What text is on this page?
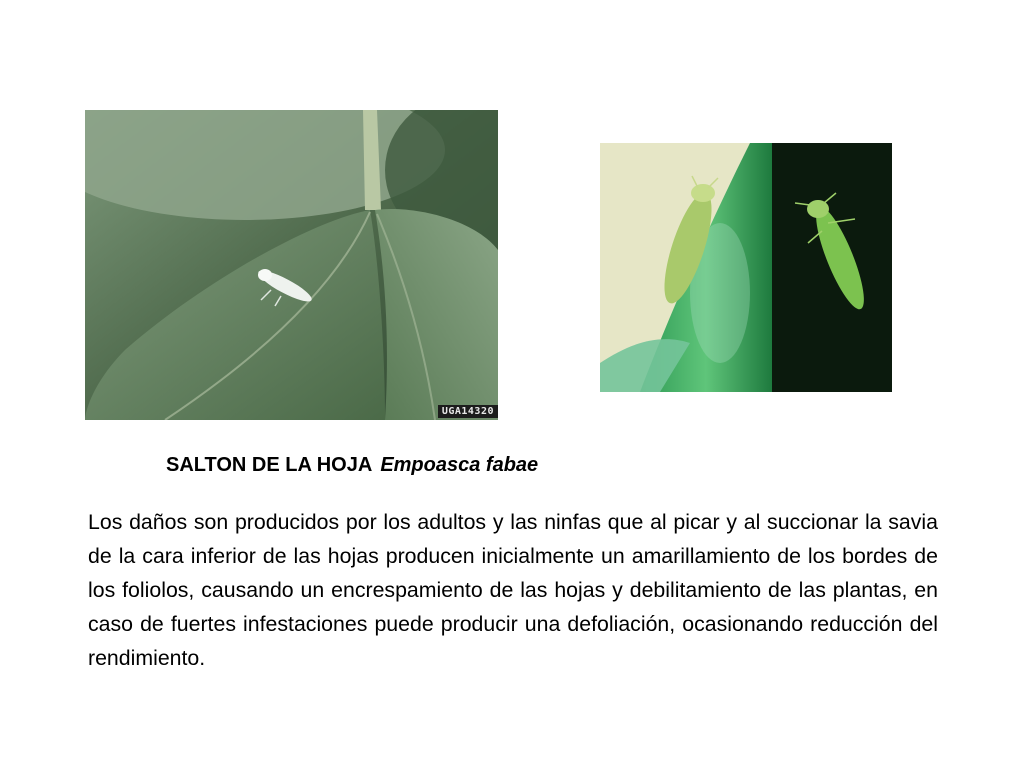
UGA14320
SALTON DE LA HOJA Empoasca fabae

Los daños son producidos por los adultos y las ninfas que al picar y al succionar la savia de la cara inferior de las hojas producen inicialmente un amarillamiento de los bordes de los foliolos, causando un encrespamiento de las hojas y debilitamiento de las plantas, en caso de fuertes infestaciones puede producir una defoliación, ocasionando reducción del rendimiento.
